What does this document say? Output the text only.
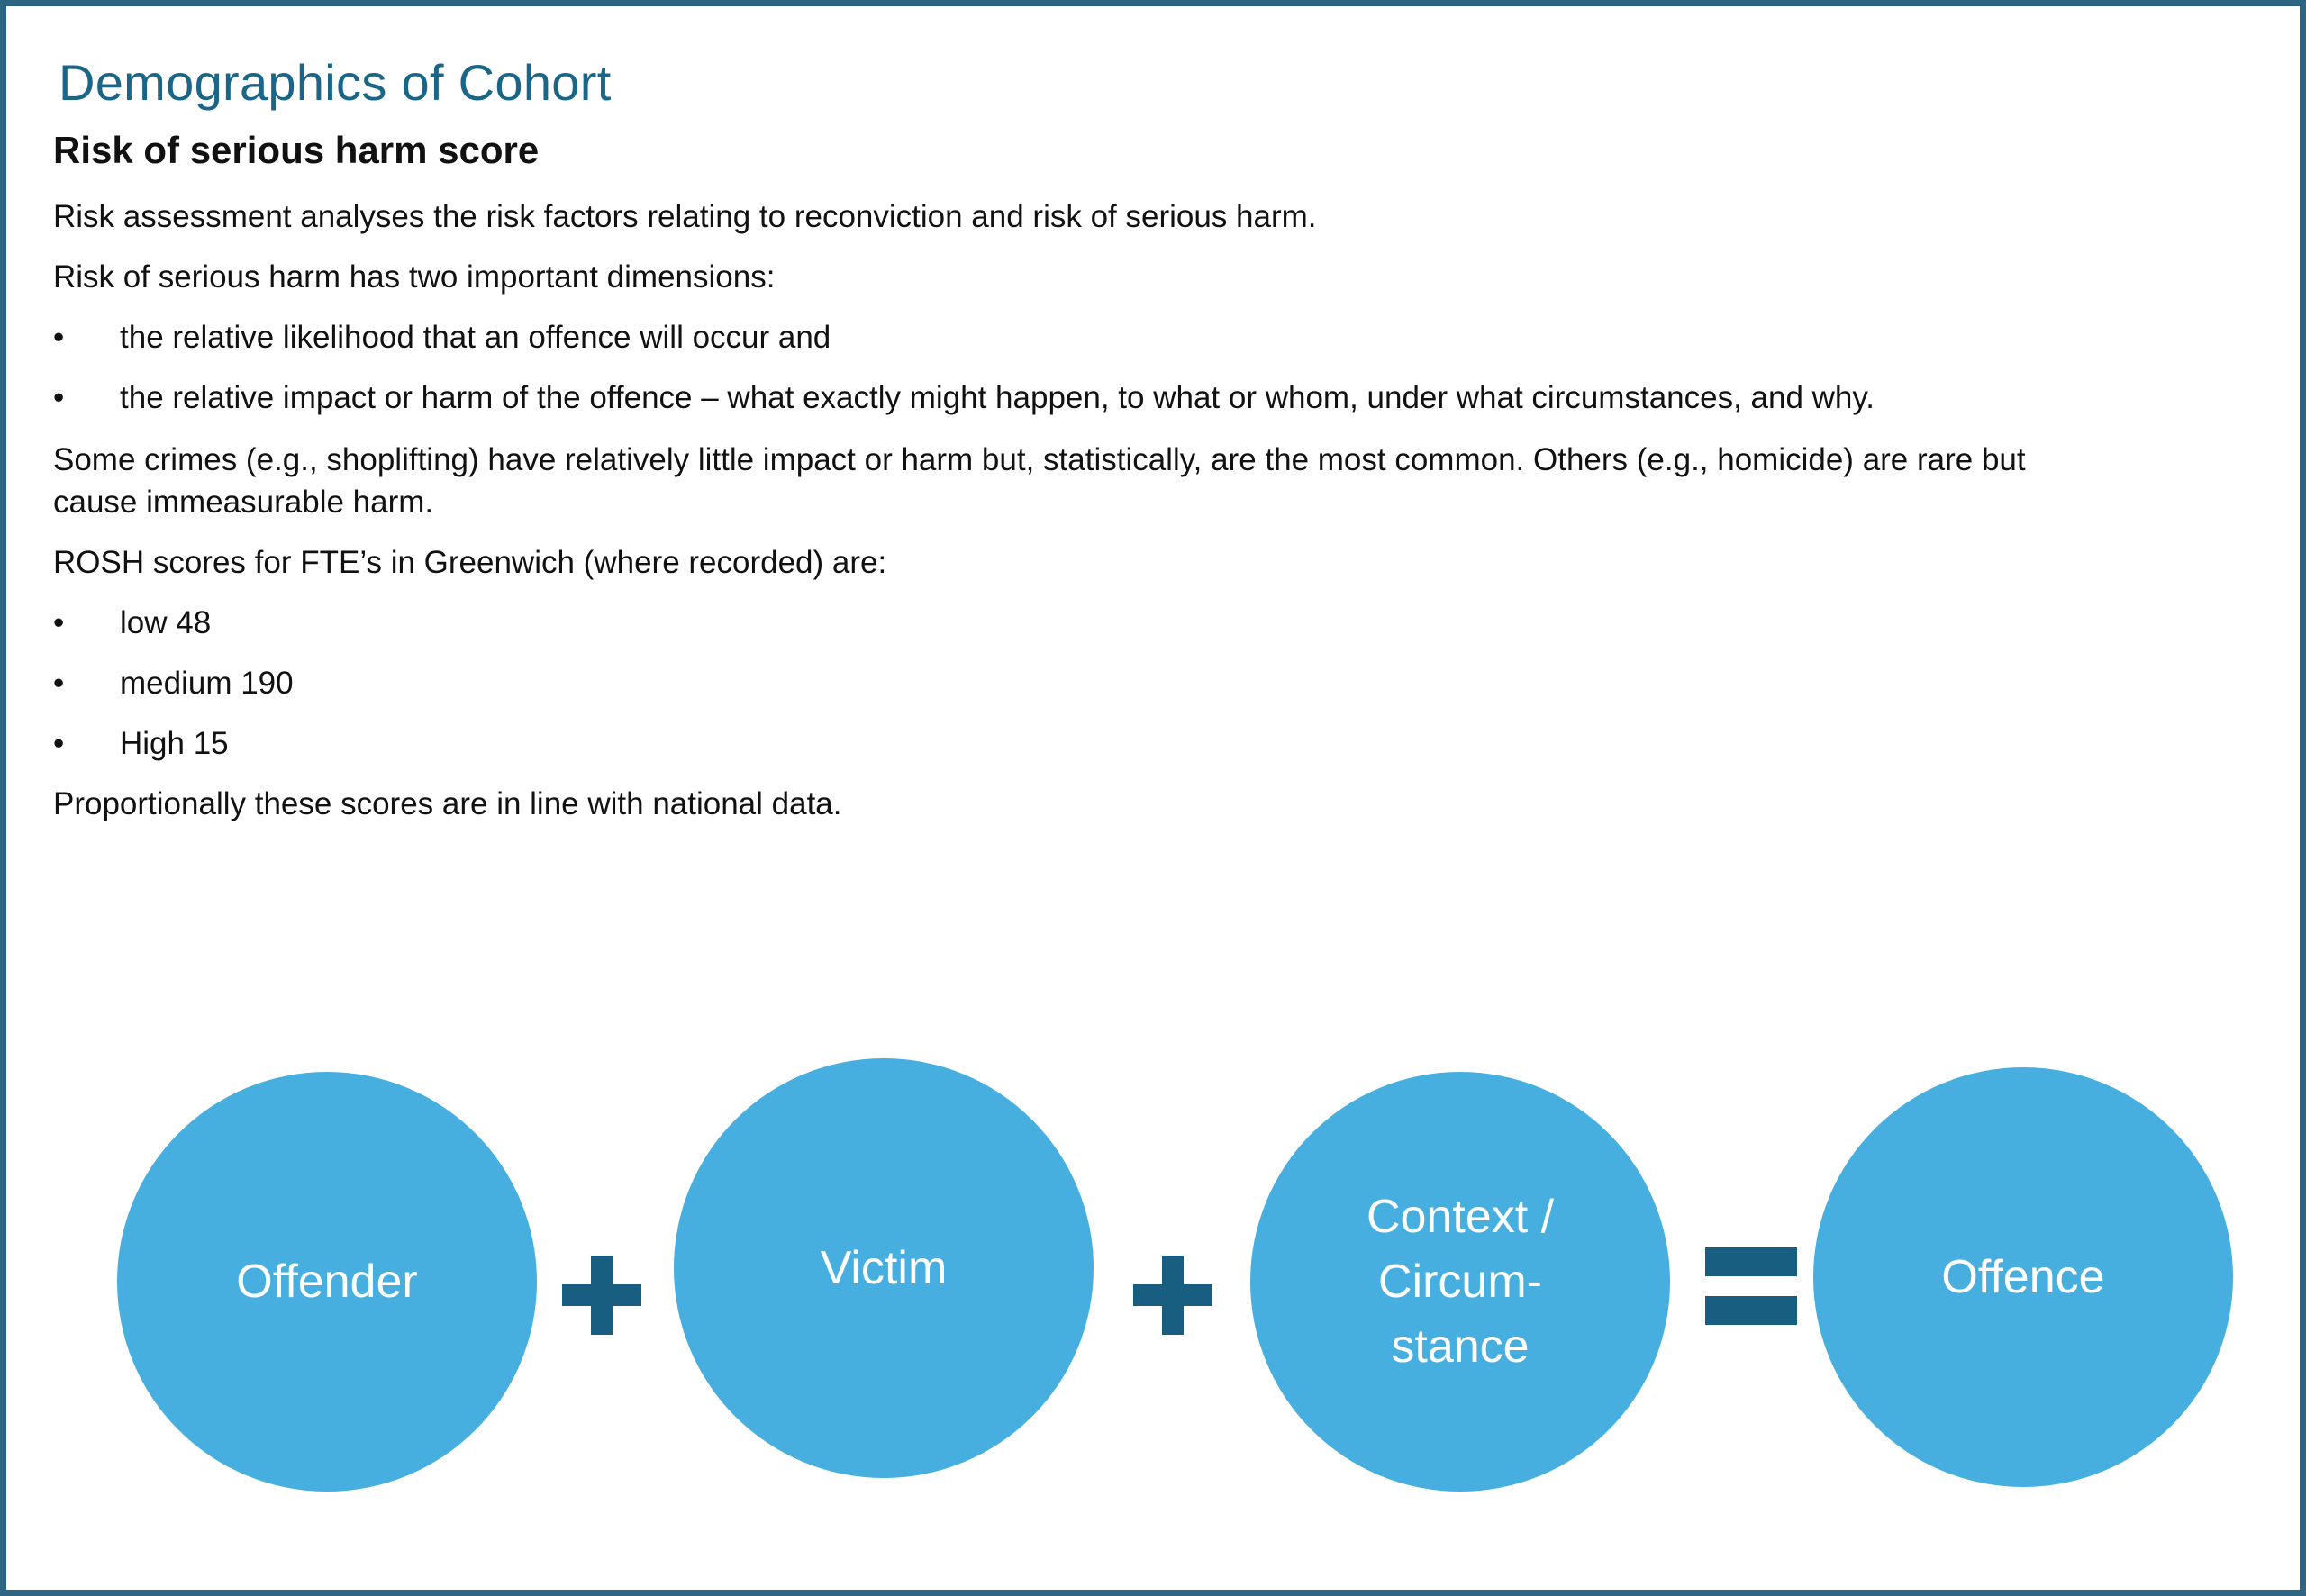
Demographics of Cohort
Risk of serious harm score

Risk assessment analyses the risk factors relating to reconviction and risk of serious harm.

Risk of serious harm has two important dimensions:

• the relative likelihood that an offence will occur and
• the relative impact or harm of the offence – what exactly might happen, to what or whom, under what circumstances, and why.

Some crimes (e.g., shoplifting) have relatively little impact or harm but, statistically, are the most common. Others (e.g., homicide) are rare but

cause immeasurable harm.

ROSH scores for FTE’s in Greenwich (where recorded) are:

• low 48
• medium 190
• High 15

Proportionally these scores are in line with national data.

Offender	Victim
Context /
Circum-
stance
Offence
